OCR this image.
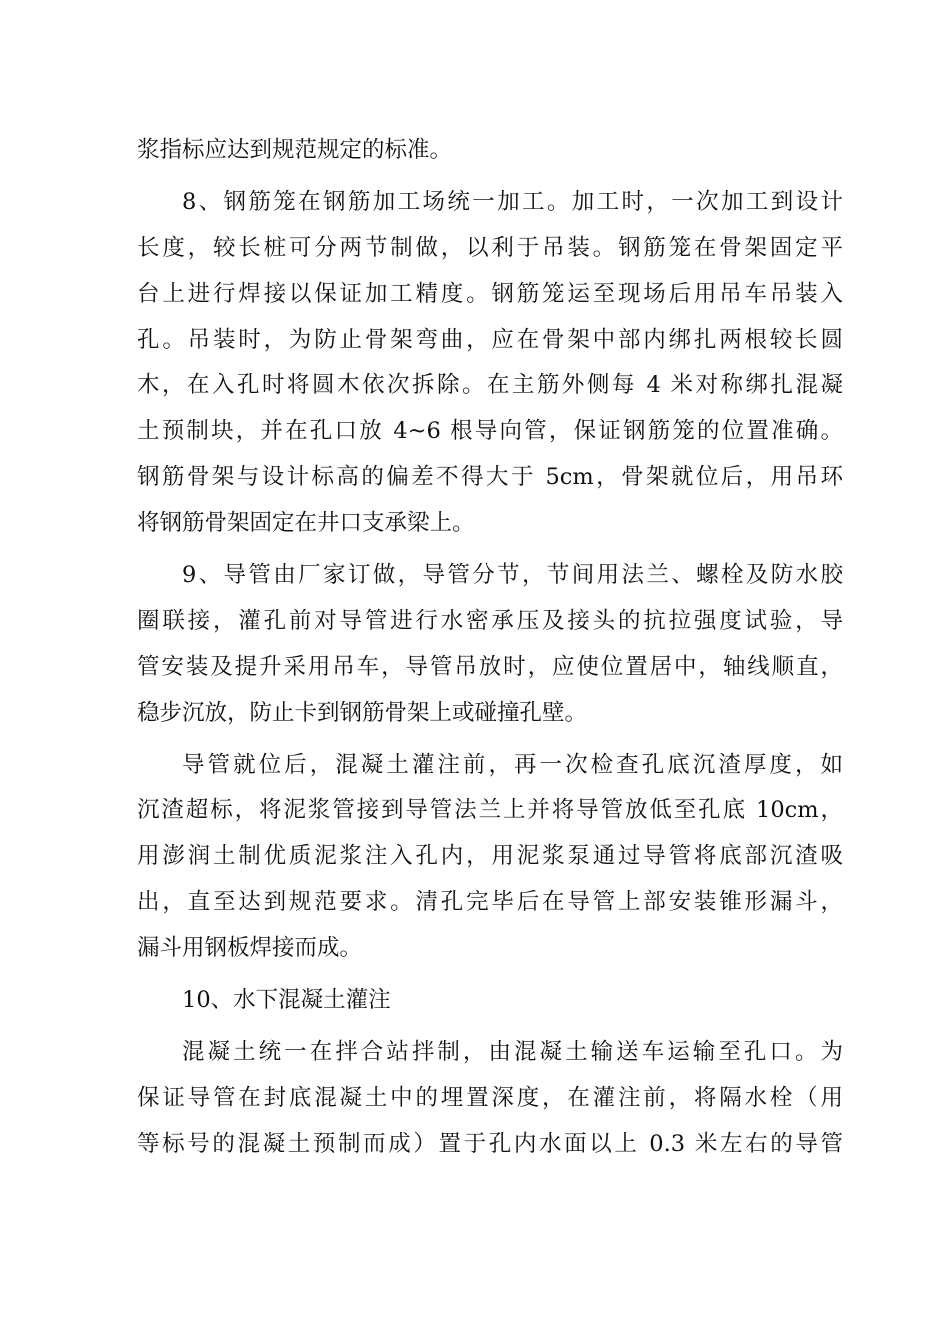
浆指标应达到规范规定的标准。
8、钢筋笼在钢筋加工场统一加工。加工时，一次加工到设计
长度，较长桩可分两节制做，以利于吊装。钢筋笼在骨架固定平
台上进行焊接以保证加工精度。钢筋笼运至现场后用吊车吊装入
孔。吊装时，为防止骨架弯曲，应在骨架中部内绑扎两根较长圆
木，在入孔时将圆木依次拆除。在主筋外侧每 4 米对称绑扎混凝
土预制块，并在孔口放 4~6 根导向管，保证钢筋笼的位置准确。
钢筋骨架与设计标高的偏差不得大于 5cm，骨架就位后，用吊环
将钢筋骨架固定在井口支承梁上。
9、导管由厂家订做，导管分节，节间用法兰、螺栓及防水胶
圈联接，灌孔前对导管进行水密承压及接头的抗拉强度试验，导
管安装及提升采用吊车，导管吊放时，应使位置居中，轴线顺直，
稳步沉放，防止卡到钢筋骨架上或碰撞孔壁。
导管就位后，混凝土灌注前，再一次检查孔底沉渣厚度，如
沉渣超标，将泥浆管接到导管法兰上并将导管放低至孔底 10cm，
用澎润土制优质泥浆注入孔内，用泥浆泵通过导管将底部沉渣吸
出，直至达到规范要求。清孔完毕后在导管上部安装锥形漏斗，
漏斗用钢板焊接而成。
10、水下混凝土灌注
混凝土统一在拌合站拌制，由混凝土输送车运输至孔口。为
保证导管在封底混凝土中的埋置深度，在灌注前，将隔水栓（用
等标号的混凝土预制而成）置于孔内水面以上 0.3 米左右的导管
